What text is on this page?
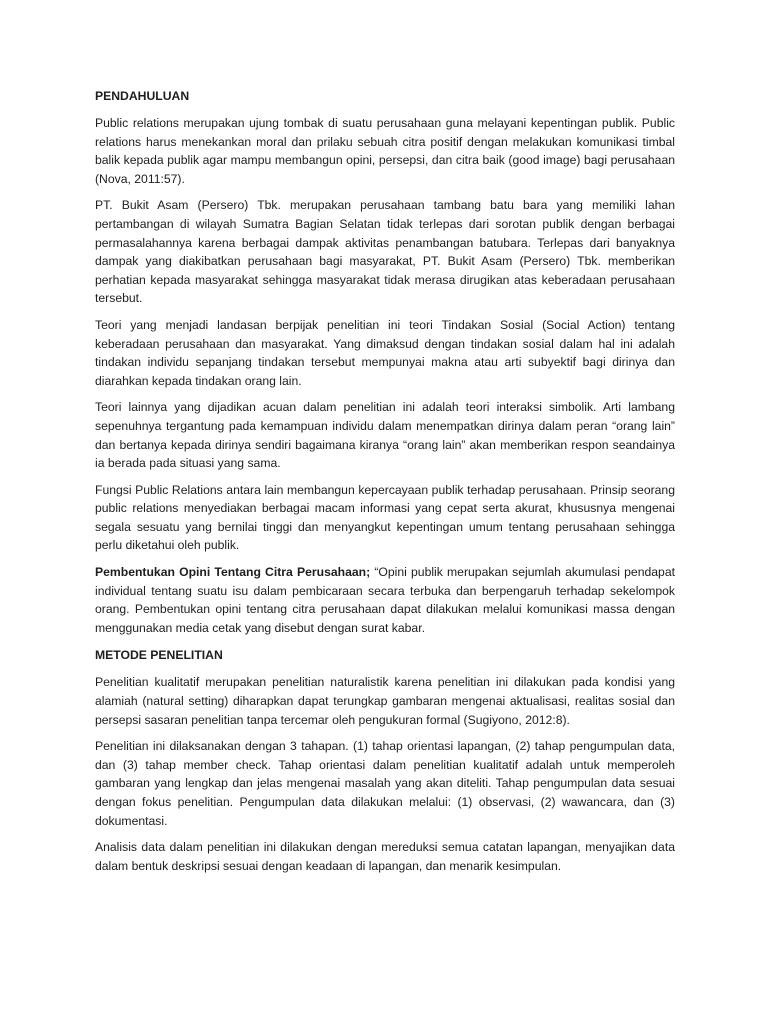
PENDAHULUAN

Public relations merupakan ujung tombak di suatu perusahaan guna melayani kepentingan publik. Public relations harus menekankan moral dan prilaku sebuah citra positif dengan melakukan komunikasi timbal balik kepada publik agar mampu membangun opini, persepsi, dan citra baik (good image) bagi perusahaan (Nova, 2011:57).

PT. Bukit Asam (Persero) Tbk. merupakan perusahaan tambang batu bara yang memiliki lahan pertambangan di wilayah Sumatra Bagian Selatan tidak terlepas dari sorotan publik dengan berbagai permasalahannya karena berbagai dampak aktivitas penambangan batubara. Terlepas dari banyaknya dampak yang diakibatkan perusahaan bagi masyarakat, PT. Bukit Asam (Persero) Tbk. memberikan perhatian kepada masyarakat sehingga masyarakat tidak merasa dirugikan atas keberadaan perusahaan tersebut.

Teori yang menjadi landasan berpijak penelitian ini teori Tindakan Sosial (Social Action) tentang keberadaan perusahaan dan masyarakat. Yang dimaksud dengan tindakan sosial dalam hal ini adalah tindakan individu sepanjang tindakan tersebut mempunyai makna atau arti subyektif bagi dirinya dan diarahkan kepada tindakan orang lain.

Teori lainnya yang dijadikan acuan dalam penelitian ini adalah teori interaksi simbolik. Arti lambang sepenuhnya tergantung pada kemampuan individu dalam menempatkan dirinya dalam peran “orang lain” dan bertanya kepada dirinya sendiri bagaimana kiranya “orang lain” akan memberikan respon seandainya ia berada pada situasi yang sama.

Fungsi Public Relations antara lain membangun kepercayaan publik terhadap perusahaan. Prinsip seorang public relations menyediakan berbagai macam informasi yang cepat serta akurat, khususnya mengenai segala sesuatu yang bernilai tinggi dan menyangkut kepentingan umum tentang perusahaan sehingga perlu diketahui oleh publik.

Pembentukan Opini Tentang Citra Perusahaan; “Opini publik merupakan sejumlah akumulasi pendapat individual tentang suatu isu dalam pembicaraan secara terbuka dan berpengaruh terhadap sekelompok orang. Pembentukan opini tentang citra perusahaan dapat dilakukan melalui komunikasi massa dengan menggunakan media cetak yang disebut dengan surat kabar.

METODE PENELITIAN

Penelitian kualitatif merupakan penelitian naturalistik karena penelitian ini dilakukan pada kondisi yang alamiah (natural setting) diharapkan dapat terungkap gambaran mengenai aktualisasi, realitas sosial dan persepsi sasaran penelitian tanpa tercemar oleh pengukuran formal (Sugiyono, 2012:8).

Penelitian ini dilaksanakan dengan 3 tahapan. (1) tahap orientasi lapangan, (2) tahap pengumpulan data, dan (3) tahap member check. Tahap orientasi dalam penelitian kualitatif adalah untuk memperoleh gambaran yang lengkap dan jelas mengenai masalah yang akan diteliti. Tahap pengumpulan data sesuai dengan fokus penelitian. Pengumpulan data dilakukan melalui: (1) observasi, (2) wawancara, dan (3) dokumentasi.

Analisis data dalam penelitian ini dilakukan dengan mereduksi semua catatan lapangan, menyajikan data dalam bentuk deskripsi sesuai dengan keadaan di lapangan, dan menarik kesimpulan.
